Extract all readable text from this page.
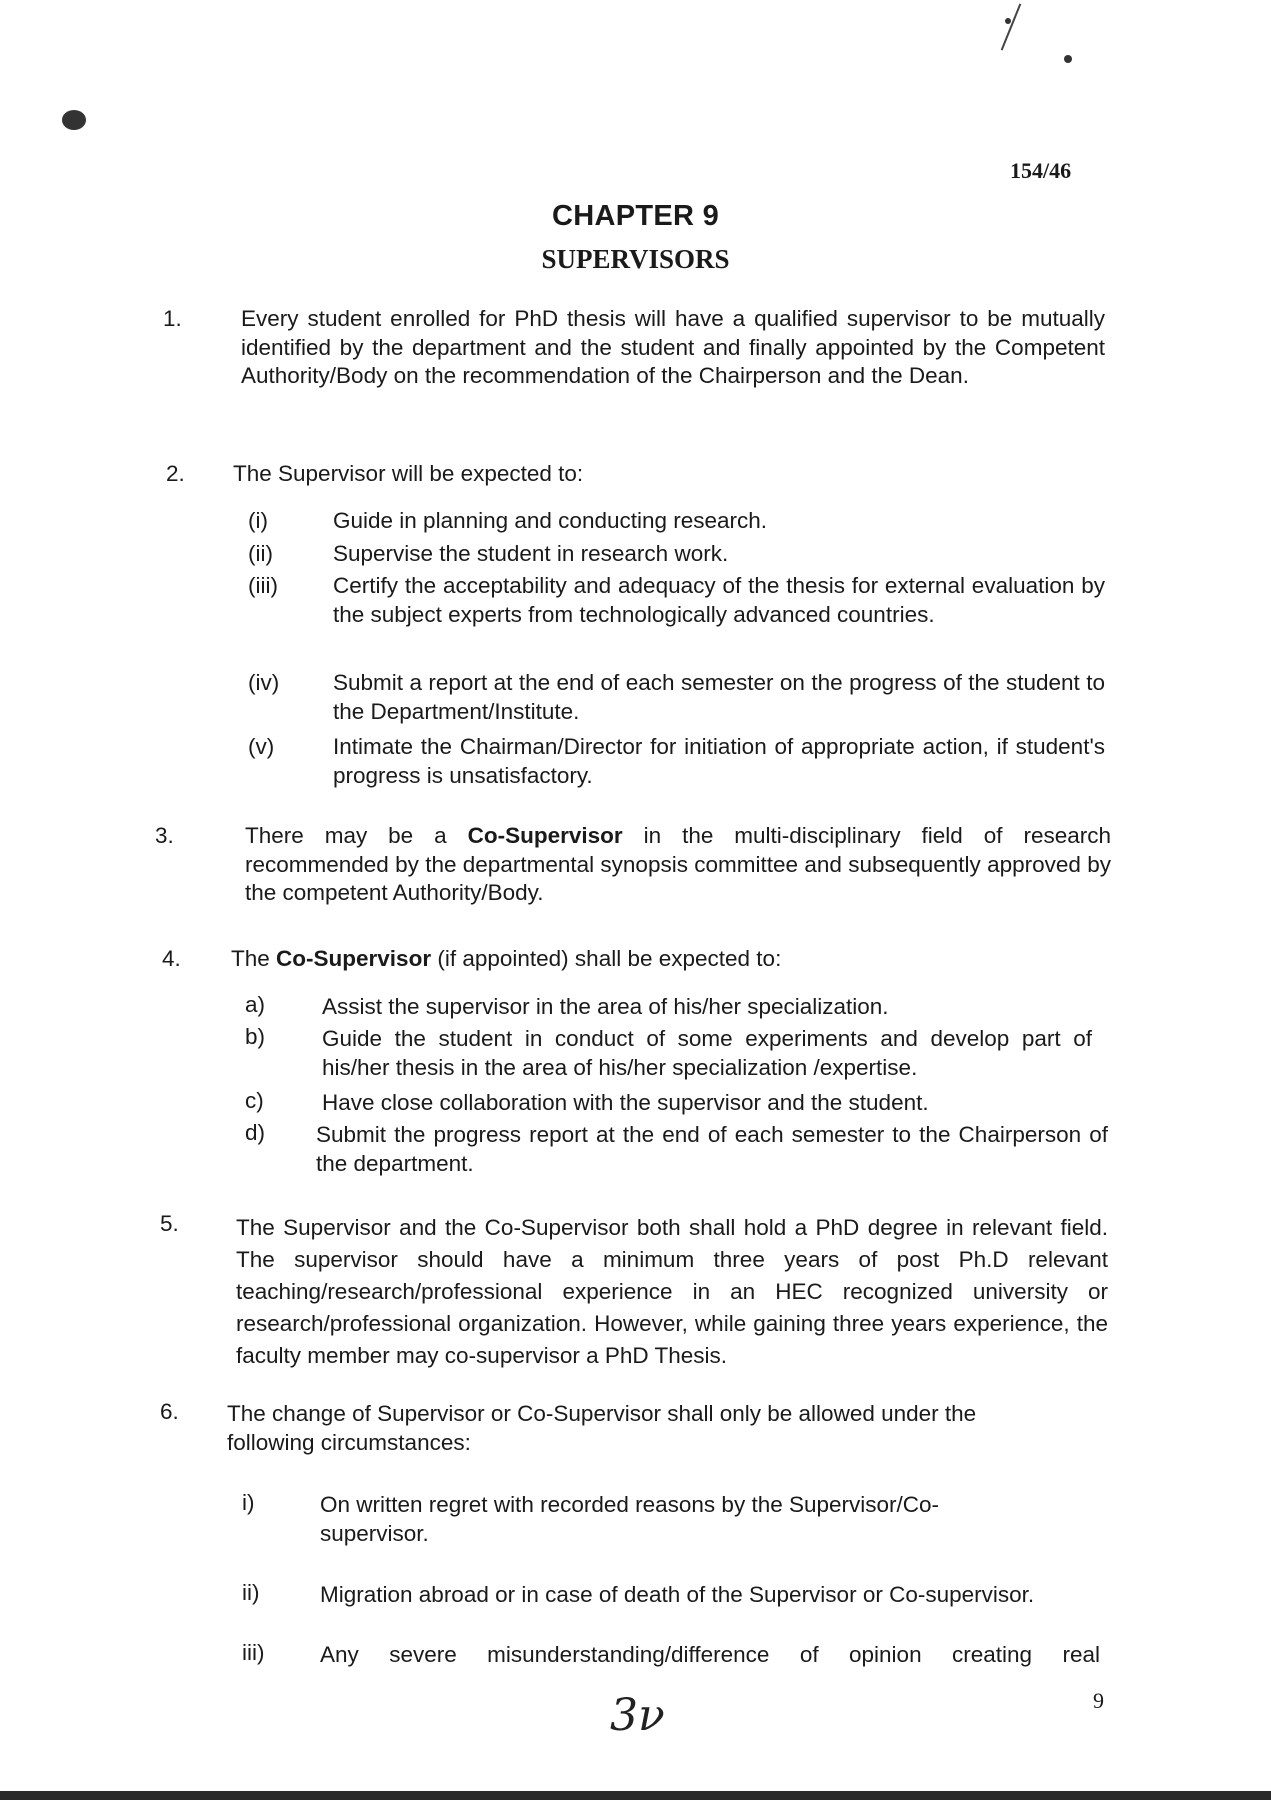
154/46
CHAPTER 9
SUPERVISORS
1.	Every student enrolled for PhD thesis will have a qualified supervisor to be mutually identified by the department and the student and finally appointed by the Competent Authority/Body on the recommendation of the Chairperson and the Dean.
2. The Supervisor will be expected to:
(i)	Guide in planning and conducting research.
(ii)	Supervise the student in research work.
(iii) Certify the acceptability and adequacy of the thesis for external evaluation by the subject experts from technologically advanced countries.
(iv) Submit a report at the end of each semester on the progress of the student to the Department/Institute.
(v)	Intimate the Chairman/Director for initiation of appropriate action, if student's progress is unsatisfactory.
3.	There may be a Co-Supervisor in the multi-disciplinary field of research recommended by the departmental synopsis committee and subsequently approved by the competent Authority/Body.
4. The Co-Supervisor (if appointed) shall be expected to:
a)	Assist the supervisor in the area of his/her specialization.
b)	Guide the student in conduct of some experiments and develop part of his/her thesis in the area of his/her specialization /expertise.
c)	Have close collaboration with the supervisor and the student.
d) Submit the progress report at the end of each semester to the Chairperson of the department.
5.	The Supervisor and the Co-Supervisor both shall hold a PhD degree in relevant field. The supervisor should have a minimum three years of post Ph.D relevant teaching/research/professional experience in an HEC recognized university or research/professional organization. However, while gaining three years experience, the faculty member may co-supervisor a PhD Thesis.
6. The change of Supervisor or Co-Supervisor shall only be allowed under the following circumstances:
i)	On written regret with recorded reasons by the Supervisor/Co-supervisor.
ii)	Migration abroad or in case of death of the Supervisor or Co-supervisor.
iii) Any severe misunderstanding/difference of opinion creating real
3ν	9
